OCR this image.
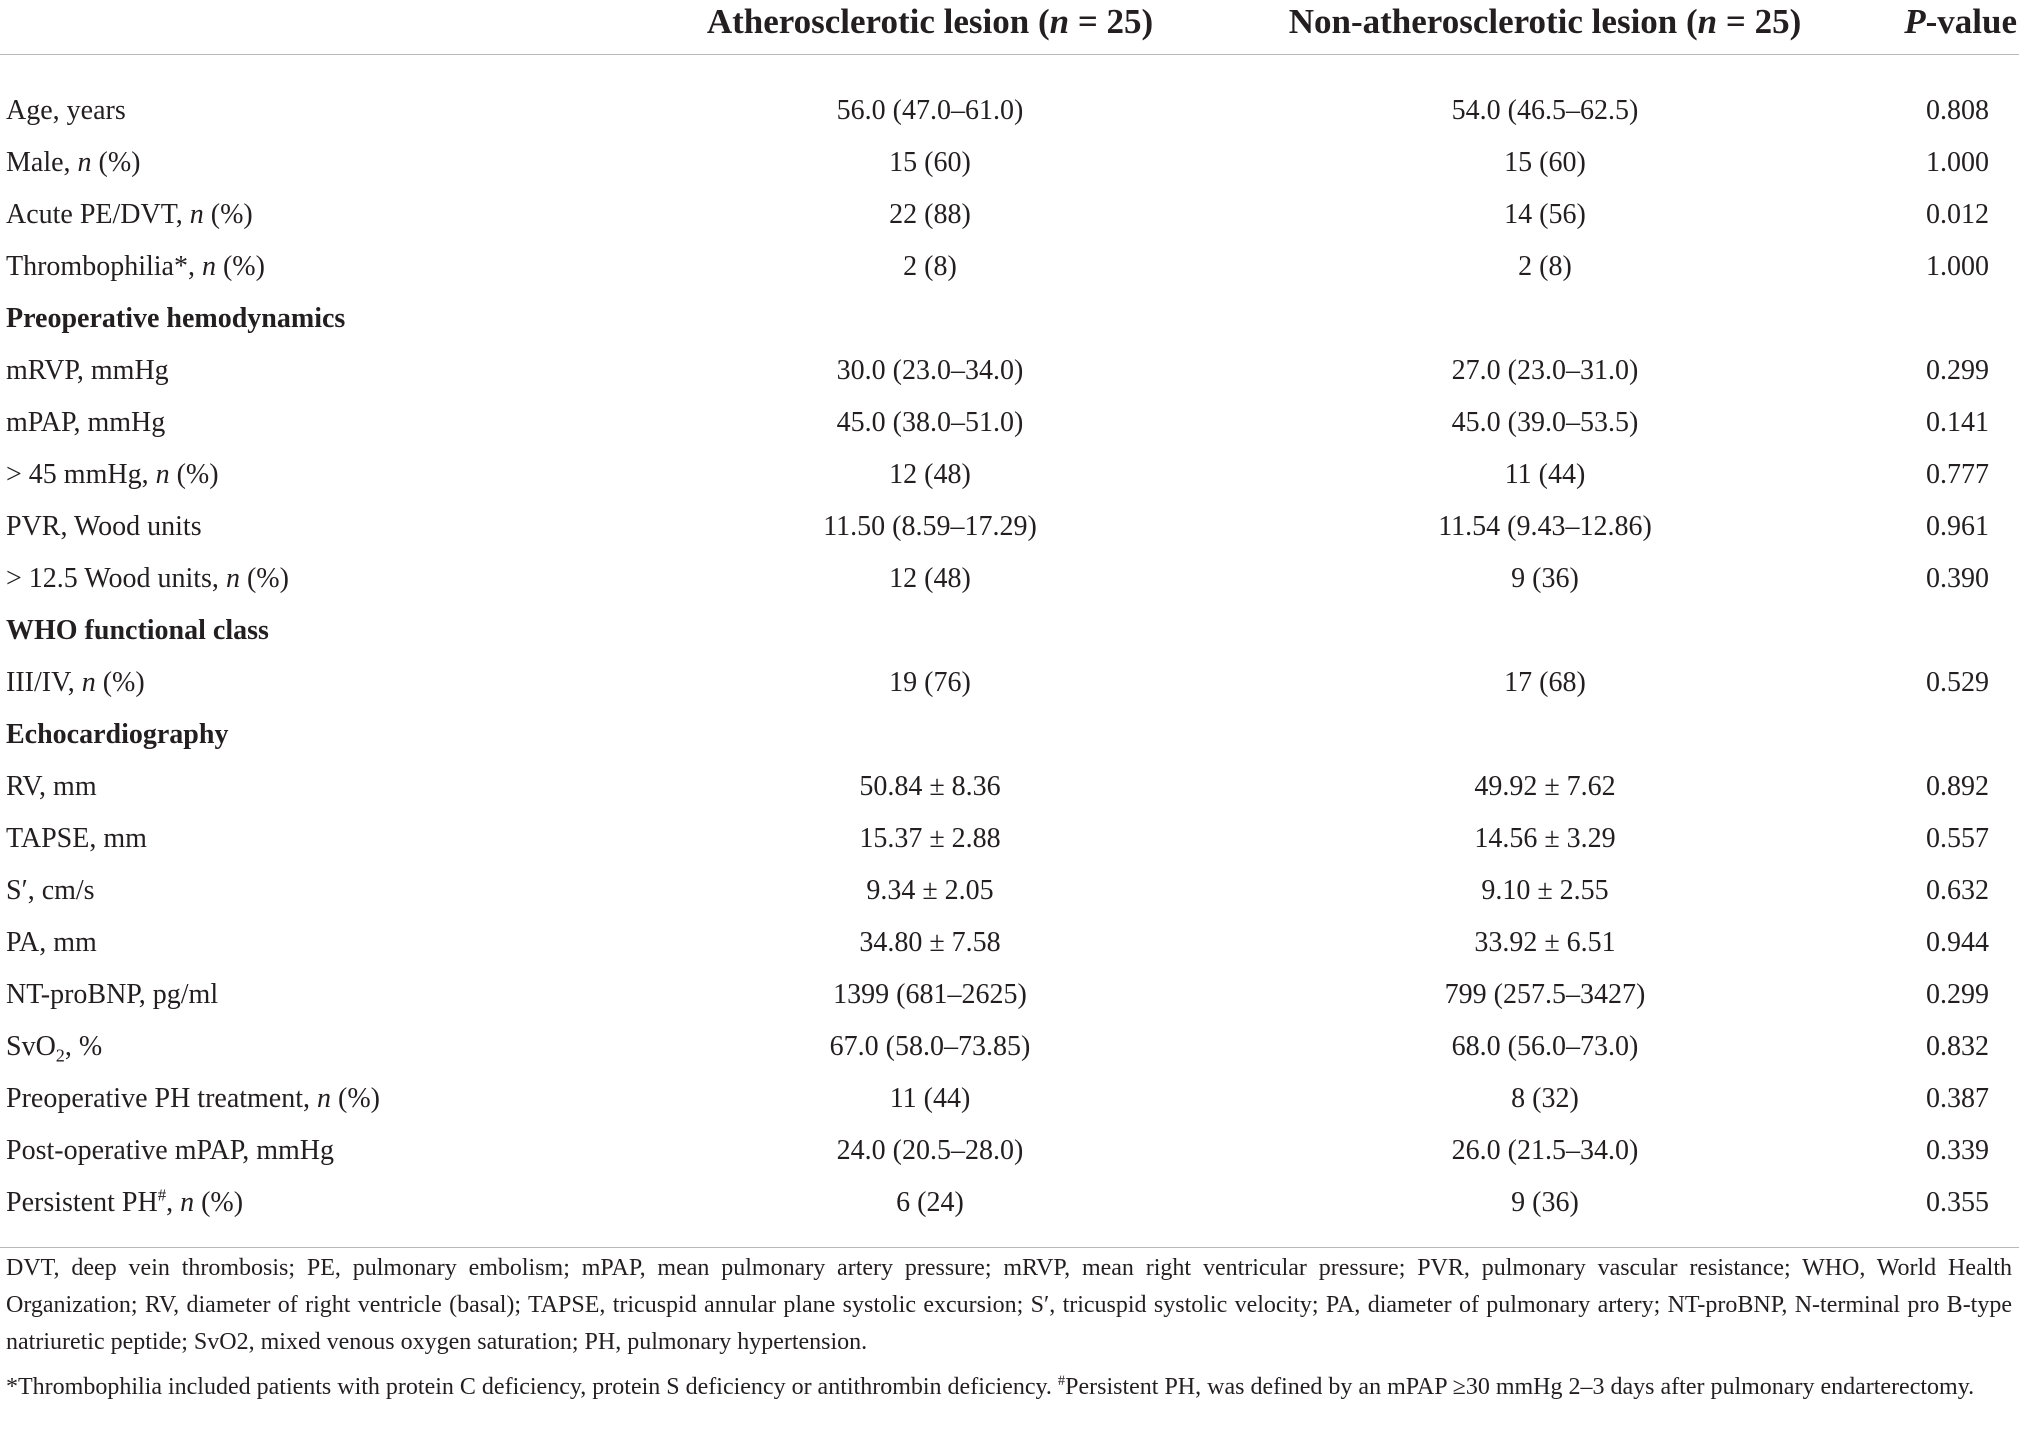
	Atherosclerotic lesion (n = 25)	Non-atherosclerotic lesion (n = 25)	P-value
Age, years	56.0 (47.0–61.0)	54.0 (46.5–62.5)	0.808
Male, n (%)	15 (60)	15 (60)	1.000
Acute PE/DVT, n (%)	22 (88)	14 (56)	0.012
Thrombophilia*, n (%)	2 (8)	2 (8)	1.000
Preoperative hemodynamics			
mRVP, mmHg	30.0 (23.0–34.0)	27.0 (23.0–31.0)	0.299
mPAP, mmHg	45.0 (38.0–51.0)	45.0 (39.0–53.5)	0.141
> 45 mmHg, n (%)	12 (48)	11 (44)	0.777
PVR, Wood units	11.50 (8.59–17.29)	11.54 (9.43–12.86)	0.961
> 12.5 Wood units, n (%)	12 (48)	9 (36)	0.390
WHO functional class			
III/IV, n (%)	19 (76)	17 (68)	0.529
Echocardiography			
RV, mm	50.84 ± 8.36	49.92 ± 7.62	0.892
TAPSE, mm	15.37 ± 2.88	14.56 ± 3.29	0.557
S′, cm/s	9.34 ± 2.05	9.10 ± 2.55	0.632
PA, mm	34.80 ± 7.58	33.92 ± 6.51	0.944
NT-proBNP, pg/ml	1399 (681–2625)	799 (257.5–3427)	0.299
SvO$_2$, %	67.0 (58.0–73.85)	68.0 (56.0–73.0)	0.832
Preoperative PH treatment, n (%)	11 (44)	8 (32)	0.387
Post-operative mPAP, mmHg	24.0 (20.5–28.0)	26.0 (21.5–34.0)	0.339
Persistent PH#, n (%)	6 (24)	9 (36)	0.355

DVT, deep vein thrombosis; PE, pulmonary embolism; mPAP, mean pulmonary artery pressure; mRVP, mean right ventricular pressure; PVR, pulmonary vascular resistance; WHO, World Health Organization; RV, diameter of right ventricle (basal); TAPSE, tricuspid annular plane systolic excursion; S′, tricuspid systolic velocity; PA, diameter of pulmonary artery; NT-proBNP, N-terminal pro B-type natriuretic peptide; SvO2, mixed venous oxygen saturation; PH, pulmonary hypertension.

*Thrombophilia included patients with protein C deficiency, protein S deficiency or antithrombin deficiency. #Persistent PH, was defined by an mPAP ≥30 mmHg 2–3 days after pulmonary endarterectomy.
